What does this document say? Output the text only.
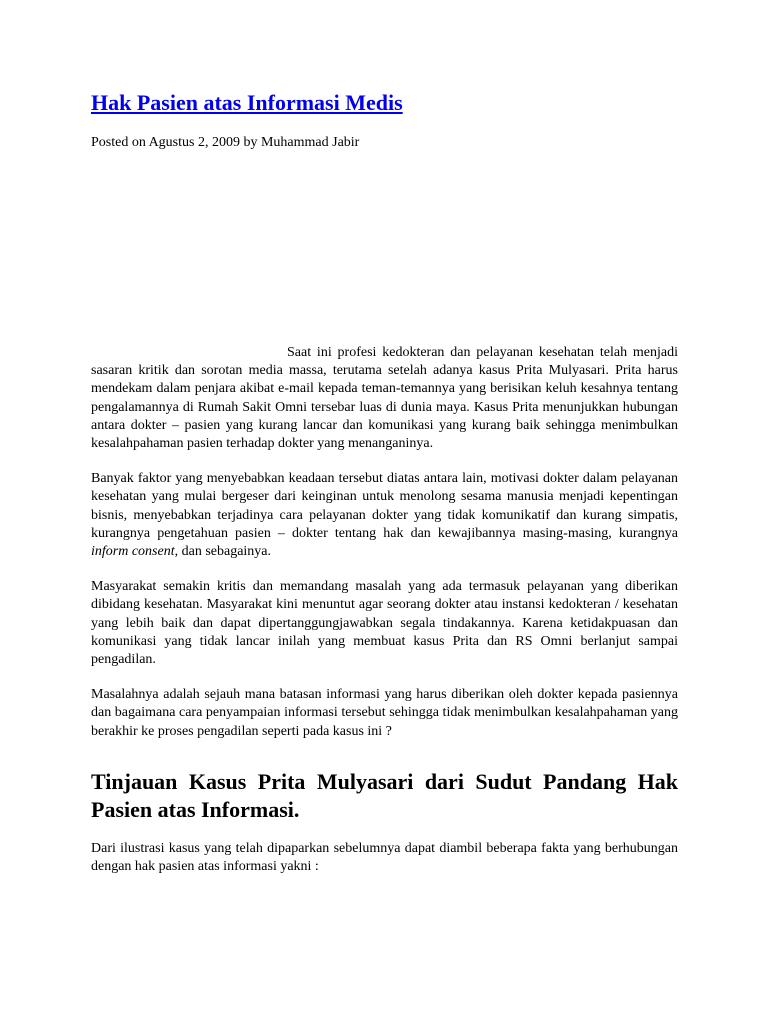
Hak Pasien atas Informasi Medis
Posted on Agustus 2, 2009 by Muhammad Jabir

Saat ini profesi kedokteran dan pelayanan kesehatan telah menjadi sasaran kritik dan sorotan media massa, terutama setelah adanya kasus Prita Mulyasari. Prita harus mendekam dalam penjara akibat e-mail kepada teman-temannya yang berisikan keluh kesahnya tentang pengalamannya di Rumah Sakit Omni tersebar luas di dunia maya. Kasus Prita menunjukkan hubungan antara dokter – pasien yang kurang lancar dan komunikasi yang kurang baik sehingga menimbulkan kesalahpahaman pasien terhadap dokter yang menanganinya.

Banyak faktor yang menyebabkan keadaan tersebut diatas antara lain, motivasi dokter dalam pelayanan kesehatan yang mulai bergeser dari keinginan untuk menolong sesama manusia menjadi kepentingan bisnis, menyebabkan terjadinya cara pelayanan dokter yang tidak komunikatif dan kurang simpatis, kurangnya pengetahuan pasien – dokter tentang hak dan kewajibannya masing-masing, kurangnya inform consent, dan sebagainya.

Masyarakat semakin kritis dan memandang masalah yang ada termasuk pelayanan yang diberikan dibidang kesehatan. Masyarakat kini menuntut agar seorang dokter atau instansi kedokteran / kesehatan yang lebih baik dan dapat dipertanggungjawabkan segala tindakannya. Karena ketidakpuasan dan komunikasi yang tidak lancar inilah yang membuat kasus Prita dan RS Omni berlanjut sampai pengadilan.

Masalahnya adalah sejauh mana batasan informasi yang harus diberikan oleh dokter kepada pasiennya dan bagaimana cara penyampaian informasi tersebut sehingga tidak menimbulkan kesalahpahaman yang berakhir ke proses pengadilan seperti pada kasus ini ?

Tinjauan Kasus Prita Mulyasari dari Sudut Pandang Hak Pasien atas Informasi.

Dari ilustrasi kasus yang telah dipaparkan sebelumnya dapat diambil beberapa fakta yang berhubungan dengan hak pasien atas informasi yakni :
